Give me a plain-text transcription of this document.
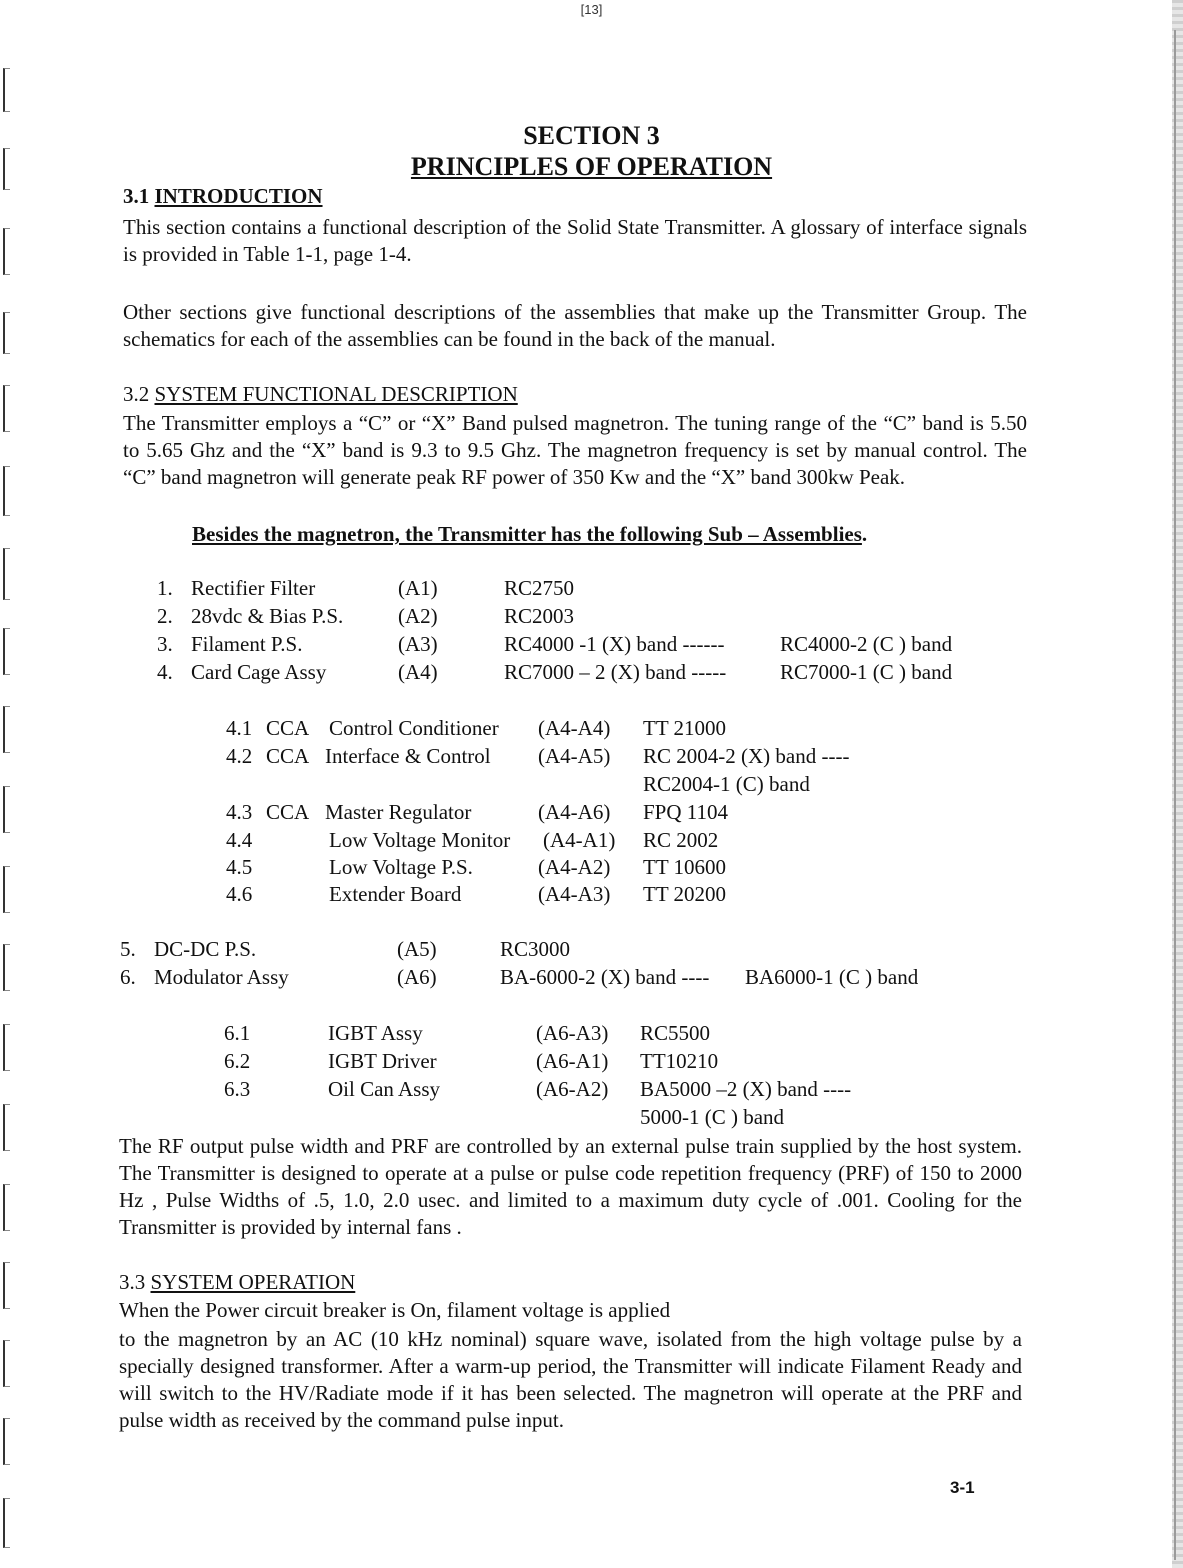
[13]
SECTION 3
PRINCIPLES OF OPERATION
3.1 INTRODUCTION

This section contains a functional description of the Solid State Transmitter. A glossary of interface signals is provided in Table 1-1, page 1-4.

Other sections give functional descriptions of the assemblies that make up the Transmitter Group. The schematics for each of the assemblies can be found in the back of the manual.

3.2 SYSTEM FUNCTIONAL DESCRIPTION

The Transmitter employs a “C” or “X” Band pulsed magnetron. The tuning range of the “C” band is 5.50 to 5.65 Ghz and the “X” band is 9.3 to 9.5 Ghz. The magnetron frequency is set by manual control. The “C” band magnetron will generate peak RF power of 350 Kw and the “X” band 300kw Peak.

Besides the magnetron, the Transmitter has the following Sub – Assemblies.
1. Rectifier Filter	(A1)	RC2750
2. 28vdc & Bias P.S.	(A2)	RC2003
3. Filament P.S.	(A3)	RC4000 -1 (X) band ------	RC4000-2 (C ) band
4. Card Cage Assy	(A4)	RC7000 – 2 (X) band -----	RC7000-1 (C ) band
4.1 CCA Control Conditioner (A4-A4) TT 21000
4.2 CCA Interface & Control (A4-A5) RC 2004-2 (X) band ----
RC2004-1 (C) band
4.3 CCA Master Regulator	(A4-A6) FPQ 1104
4.4	Low Voltage Monitor (A4-A1) RC 2002
4.5	Low Voltage P.S.	(A4-A2) TT 10600
4.6	Extender Board	(A4-A3) TT 20200
5. DC-DC P.S.	(A5)	RC3000
6. Modulator Assy	(A6)	BA-6000-2 (X) band ---- BA6000-1 (C ) band
6.1	IGBT Assy	(A6-A3) RC5500
6.2	IGBT Driver	(A6-A1) TT10210
6.3	Oil Can Assy	(A6-A2) BA5000 –2 (X) band ----
5000-1 (C ) band

The RF output pulse width and PRF are controlled by an external pulse train supplied by the host system. The Transmitter is designed to operate at a pulse or pulse code repetition frequency (PRF) of 150 to 2000 Hz , Pulse Widths of .5, 1.0, 2.0 usec. and limited to a maximum duty cycle of .001. Cooling for the Transmitter is provided by internal fans .

3.3 SYSTEM OPERATION
When the Power circuit breaker is On, filament voltage is applied

to the magnetron by an AC (10 kHz nominal) square wave, isolated from the high voltage pulse by a specially designed transformer. After a warm-up period, the Transmitter will indicate Filament Ready and will switch to the HV/Radiate mode if it has been selected. The magnetron will operate at the PRF and pulse width as received by the command pulse input.

3-1
